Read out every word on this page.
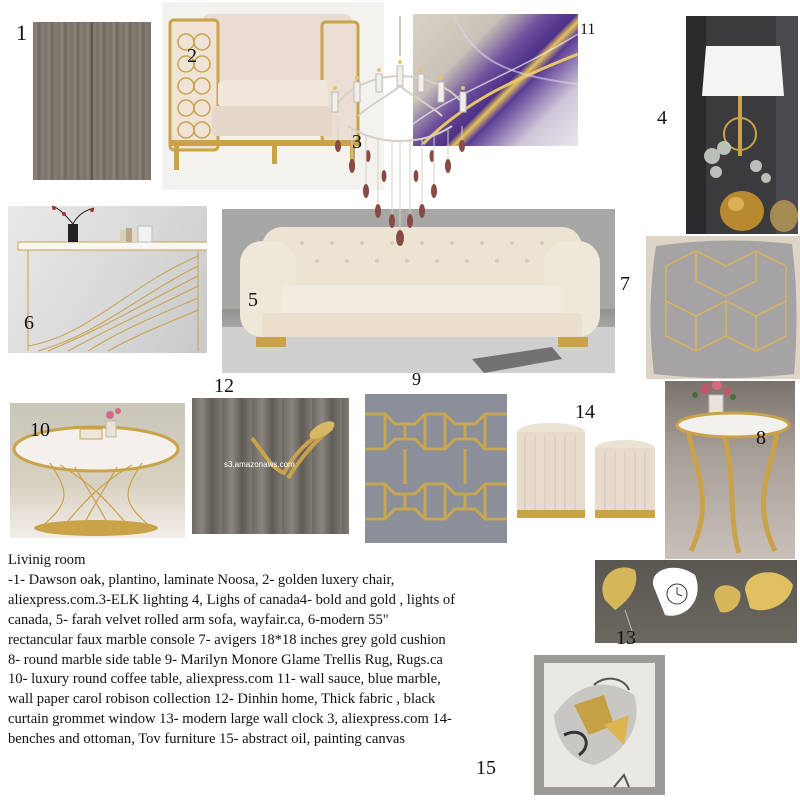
s3.amazonaws.com
1
2
3
4
5
6
7
8
9
10
11
12
13
14
15
Livinig room
-1- Dawson oak, plantino, laminate Noosa, 2- golden luxery chair,
aliexpress.com.3-ELK lighting 4, Lighs of canada4- bold and gold , lights of
canada, 5- farah velvet rolled arm sofa, wayfair.ca, 6-modern 55"
rectancular faux marble console 7- avigers 18*18 inches grey gold cushion
8- round marble side table 9- Marilyn Monore Glame Trellis Rug, Rugs.ca
10- luxury round coffee table, aliexpress.com 11- wall sauce, blue marble,
wall paper carol robison collection 12- Dinhin home, Thick fabric , black
curtain grommet window 13- modern large wall clock 3, aliexpress.com 14-
benches and ottoman, Tov furniture 15- abstract oil, painting canvas
